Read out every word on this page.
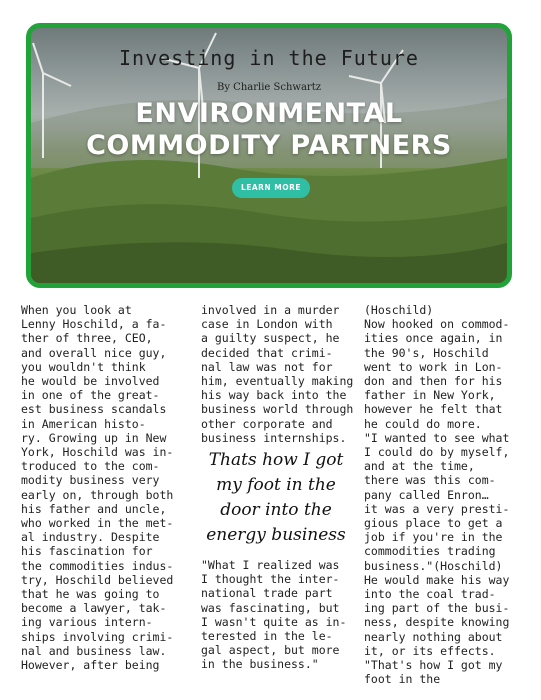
Investing in the Future
By Charlie Schwartz
ENVIRONMENTAL
COMMODITY PARTNERS
LEARN MORE
When you look at
Lenny Hoschild, a fa-
ther of three, CEO,
and overall nice guy,
you wouldn't think
he would be involved
in one of the great-
est business scandals
in American histo-
ry. Growing up in New
York, Hoschild was in-
troduced to the com-
modity business very
early on, through both
his father and uncle,
who worked in the met-
al industry. Despite
his fascination for
the commodities indus-
try, Hoschild believed
that he was going to
become a lawyer, tak-
ing various intern-
ships involving crimi-
nal and business law.
However, after being
involved in a murder
case in London with
a guilty suspect, he
decided that crimi-
nal law was not for
him, eventually making
his way back into the
business world through
other corporate and
business internships.
Thats how I got my foot in the door into the energy business
"What I realized was
I thought the inter-
national trade part
was fascinating, but
I wasn't quite as in-
terested in the le-
gal aspect, but more
in the business."
(Hoschild)
Now hooked on commod-
ities once again, in
the 90's, Hoschild
went to work in Lon-
don and then for his
father in New York,
however he felt that
he could do more.
"I wanted to see what
I could do by myself,
and at the time,
there was this com-
pany called Enron…
it was a very presti-
gious place to get a
job if you're in the
commodities trading
business."(Hoschild)
He would make his way
into the coal trad-
ing part of the busi-
ness, despite knowing
nearly nothing about
it, or its effects.
"That's how I got my
foot in the
